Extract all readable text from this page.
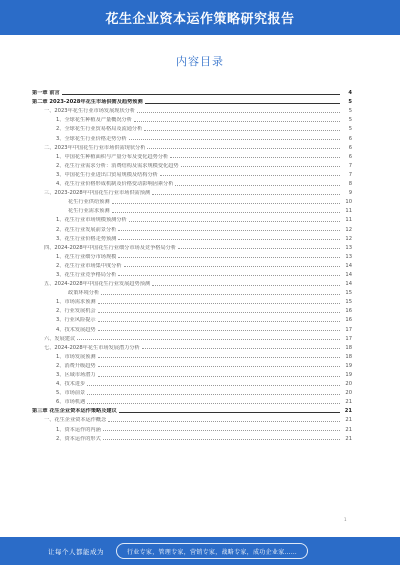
花生企业资本运作策略研究报告
内容目录
第一章 前言	4
第二章 2023-2028年花生市场供需及趋势预测	5
一、2023年花生行业市场发展现状分析	5
1、全球花生种植及产量概况分析	5
2、全球花生行业贸易格局及流通分析	5
3、全球花生行业价格走势分析	6
二、2023年中国花生行业市场供需现状分析	6
1、中国花生种植面积与产量分布及变化趋势分析	6
2、花生行业需求分析：消费结构及需求规模变化趋势	7
3、中国花生行业进出口贸易规模及结构分析	7
4、花生行业价格形成机制及价格变动影响因素分析	8
三、2023-2028年中国花生行业市场供需预测	9
花生行业供给预测	10
花生行业需求预测	11
1、花生行业市场规模预测分析	11
2、花生行业发展前景分析	12
3、花生行业价格走势预测	12
四、2024-2028年中国花生行业细分市场及竞争格局分析	13
1、花生行业细分市场规模	13
2、花生行业市场集中度分析	14
3、花生行业竞争格局分析	14
五、2024-2028年中国花生行业发展趋势预测	14
政策环境分析	15
1、市场需求预测	15
2、行业发展机会	16
3、行业风险提示	16
4、技术发展趋势	17
六、发展建议	17
七、2024-2028年花生市场发展潜力分析	18
1、市场发展预测	18
2、消费升级趋势	19
3、区域市场潜力	19
4、技术进步	20
5、市场前景	20
6、市场机遇	21
第三章 花生企业资本运作策略及建议	21
一、花生企业资本运作概念	21
1、资本运作的内涵	21
2、资本运作的形式	21
1
让每个人都能成为	行业专家，管理专家，营销专家，战略专家，成功企业家……
